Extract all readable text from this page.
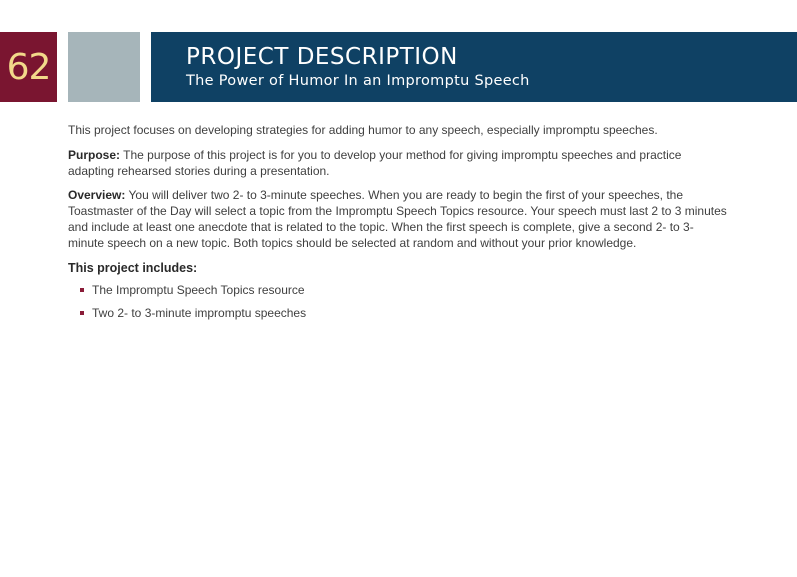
62	PROJECT DESCRIPTION
The Power of Humor In an Impromptu Speech

This project focuses on developing strategies for adding humor to any speech, especially impromptu speeches.

Purpose: The purpose of this project is for you to develop your method for giving impromptu speeches and practice adapting rehearsed stories during a presentation.

Overview: You will deliver two 2- to 3-minute speeches. When you are ready to begin the first of your speeches, the Toastmaster of the Day will select a topic from the Impromptu Speech Topics resource. Your speech must last 2 to 3 minutes and include at least one anecdote that is related to the topic. When the first speech is complete, give a second 2- to 3-minute speech on a new topic. Both topics should be selected at random and without your prior knowledge.

This project includes:
The Impromptu Speech Topics resource
Two 2- to 3-minute impromptu speeches
